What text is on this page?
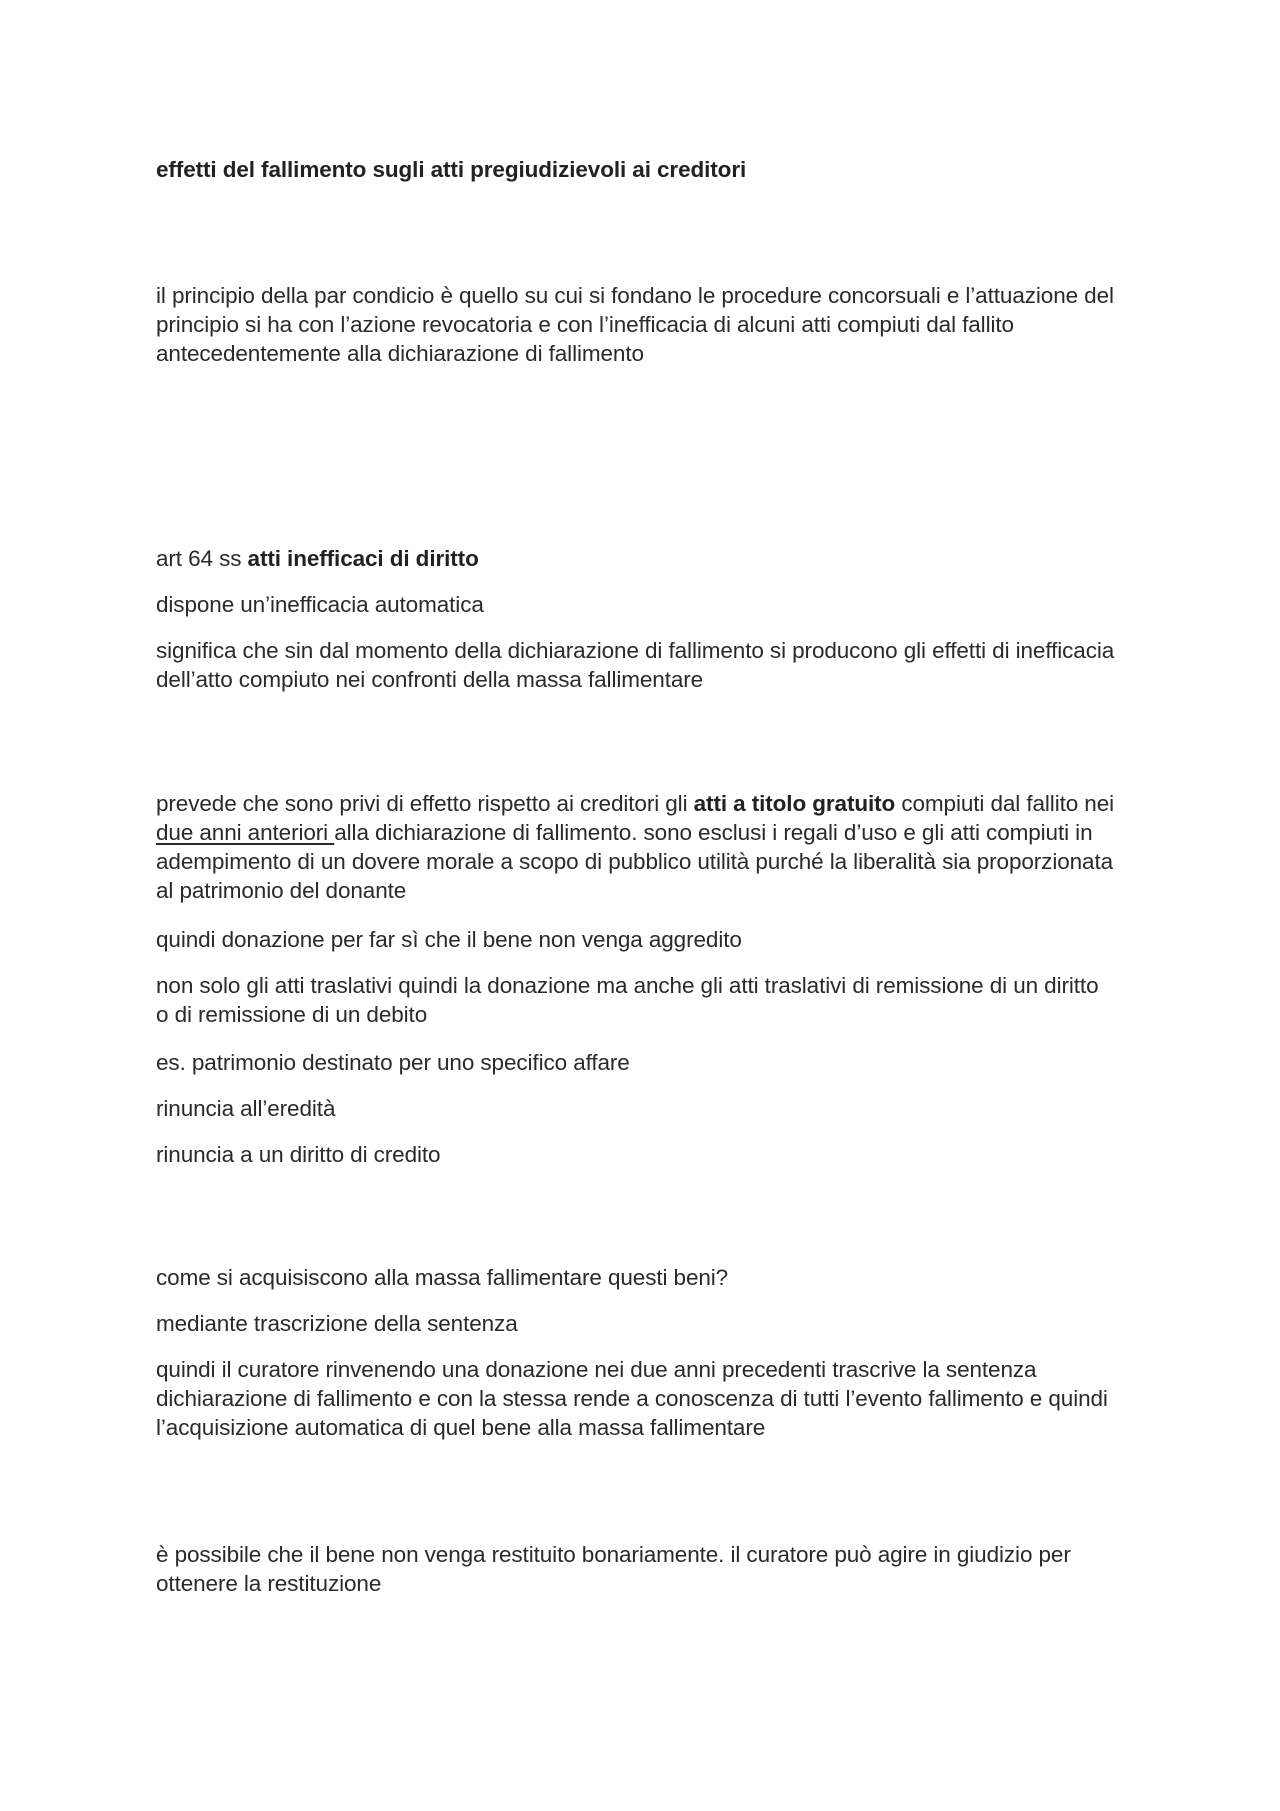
effetti del fallimento sugli atti pregiudizievoli ai creditori

il principio della par condicio è quello su cui si fondano le procedure concorsuali e l’attuazione del principio si ha con l’azione revocatoria e con l’inefficacia di alcuni atti compiuti dal fallito antecedentemente alla dichiarazione di fallimento

art 64 ss atti inefficaci di diritto

dispone un’inefficacia automatica

significa che sin dal momento della dichiarazione di fallimento si producono gli effetti di inefficacia dell’atto compiuto nei confronti della massa fallimentare

prevede che sono privi di effetto rispetto ai creditori gli atti a titolo gratuito compiuti dal fallito nei due anni anteriori alla dichiarazione di fallimento. sono esclusi i regali d’uso e gli atti compiuti in adempimento di un dovere morale a scopo di pubblico utilità purché la liberalità sia proporzionata al patrimonio del donante

quindi donazione per far sì che il bene non venga aggredito

non solo gli atti traslativi quindi la donazione ma anche gli atti traslativi di remissione di un diritto o di remissione di un debito

es. patrimonio destinato per uno specifico affare

rinuncia all’eredità

rinuncia a un diritto di credito

come si acquisiscono alla massa fallimentare questi beni?

mediante trascrizione della sentenza

quindi il curatore rinvenendo una donazione nei due anni precedenti trascrive la sentenza dichiarazione di fallimento e con la stessa rende a conoscenza di tutti l’evento fallimento e quindi l’acquisizione automatica di quel bene alla massa fallimentare

è possibile che il bene non venga restituito bonariamente. il curatore può agire in giudizio per ottenere la restituzione
